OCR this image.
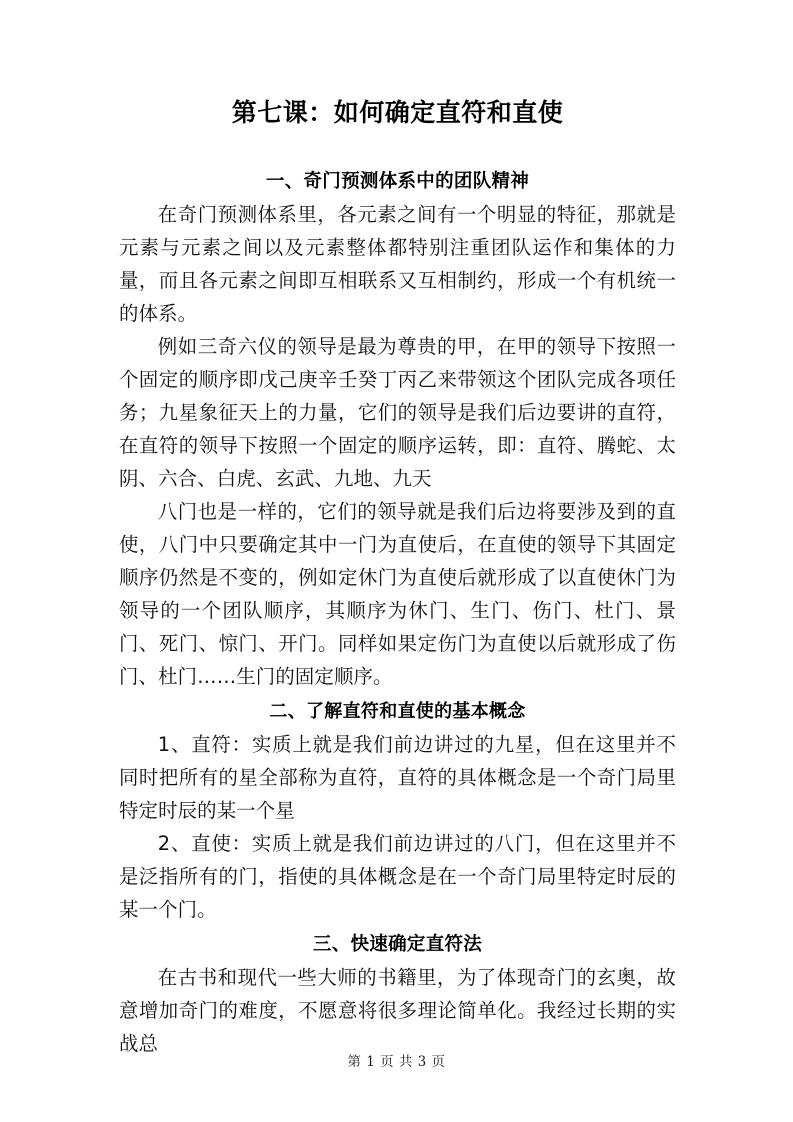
第七课：如何确定直符和直使
一、奇门预测体系中的团队精神

在奇门预测体系里，各元素之间有一个明显的特征，那就是元素与元素之间以及元素整体都特别注重团队运作和集体的力量，而且各元素之间即互相联系又互相制约，形成一个有机统一的体系。

例如三奇六仪的领导是最为尊贵的甲，在甲的领导下按照一个固定的顺序即戊己庚辛壬癸丁丙乙来带领这个团队完成各项任务；九星象征天上的力量，它们的领导是我们后边要讲的直符，在直符的领导下按照一个固定的顺序运转，即：直符、腾蛇、太阴、六合、白虎、玄武、九地、九天

八门也是一样的，它们的领导就是我们后边将要涉及到的直使，八门中只要确定其中一门为直使后，在直使的领导下其固定顺序仍然是不变的，例如定休门为直使后就形成了以直使休门为领导的一个团队顺序，其顺序为休门、生门、伤门、杜门、景门、死门、惊门、开门。同样如果定伤门为直使以后就形成了伤门、杜门……生门的固定顺序。

二、了解直符和直使的基本概念

1、直符：实质上就是我们前边讲过的九星，但在这里并不同时把所有的星全部称为直符，直符的具体概念是一个奇门局里特定时辰的某一个星

2、直使：实质上就是我们前边讲过的八门，但在这里并不是泛指所有的门，指使的具体概念是在一个奇门局里特定时辰的某一个门。

三、快速确定直符法

在古书和现代一些大师的书籍里，为了体现奇门的玄奥，故意增加奇门的难度，不愿意将很多理论简单化。我经过长期的实战总

第 1 页 共 3 页
